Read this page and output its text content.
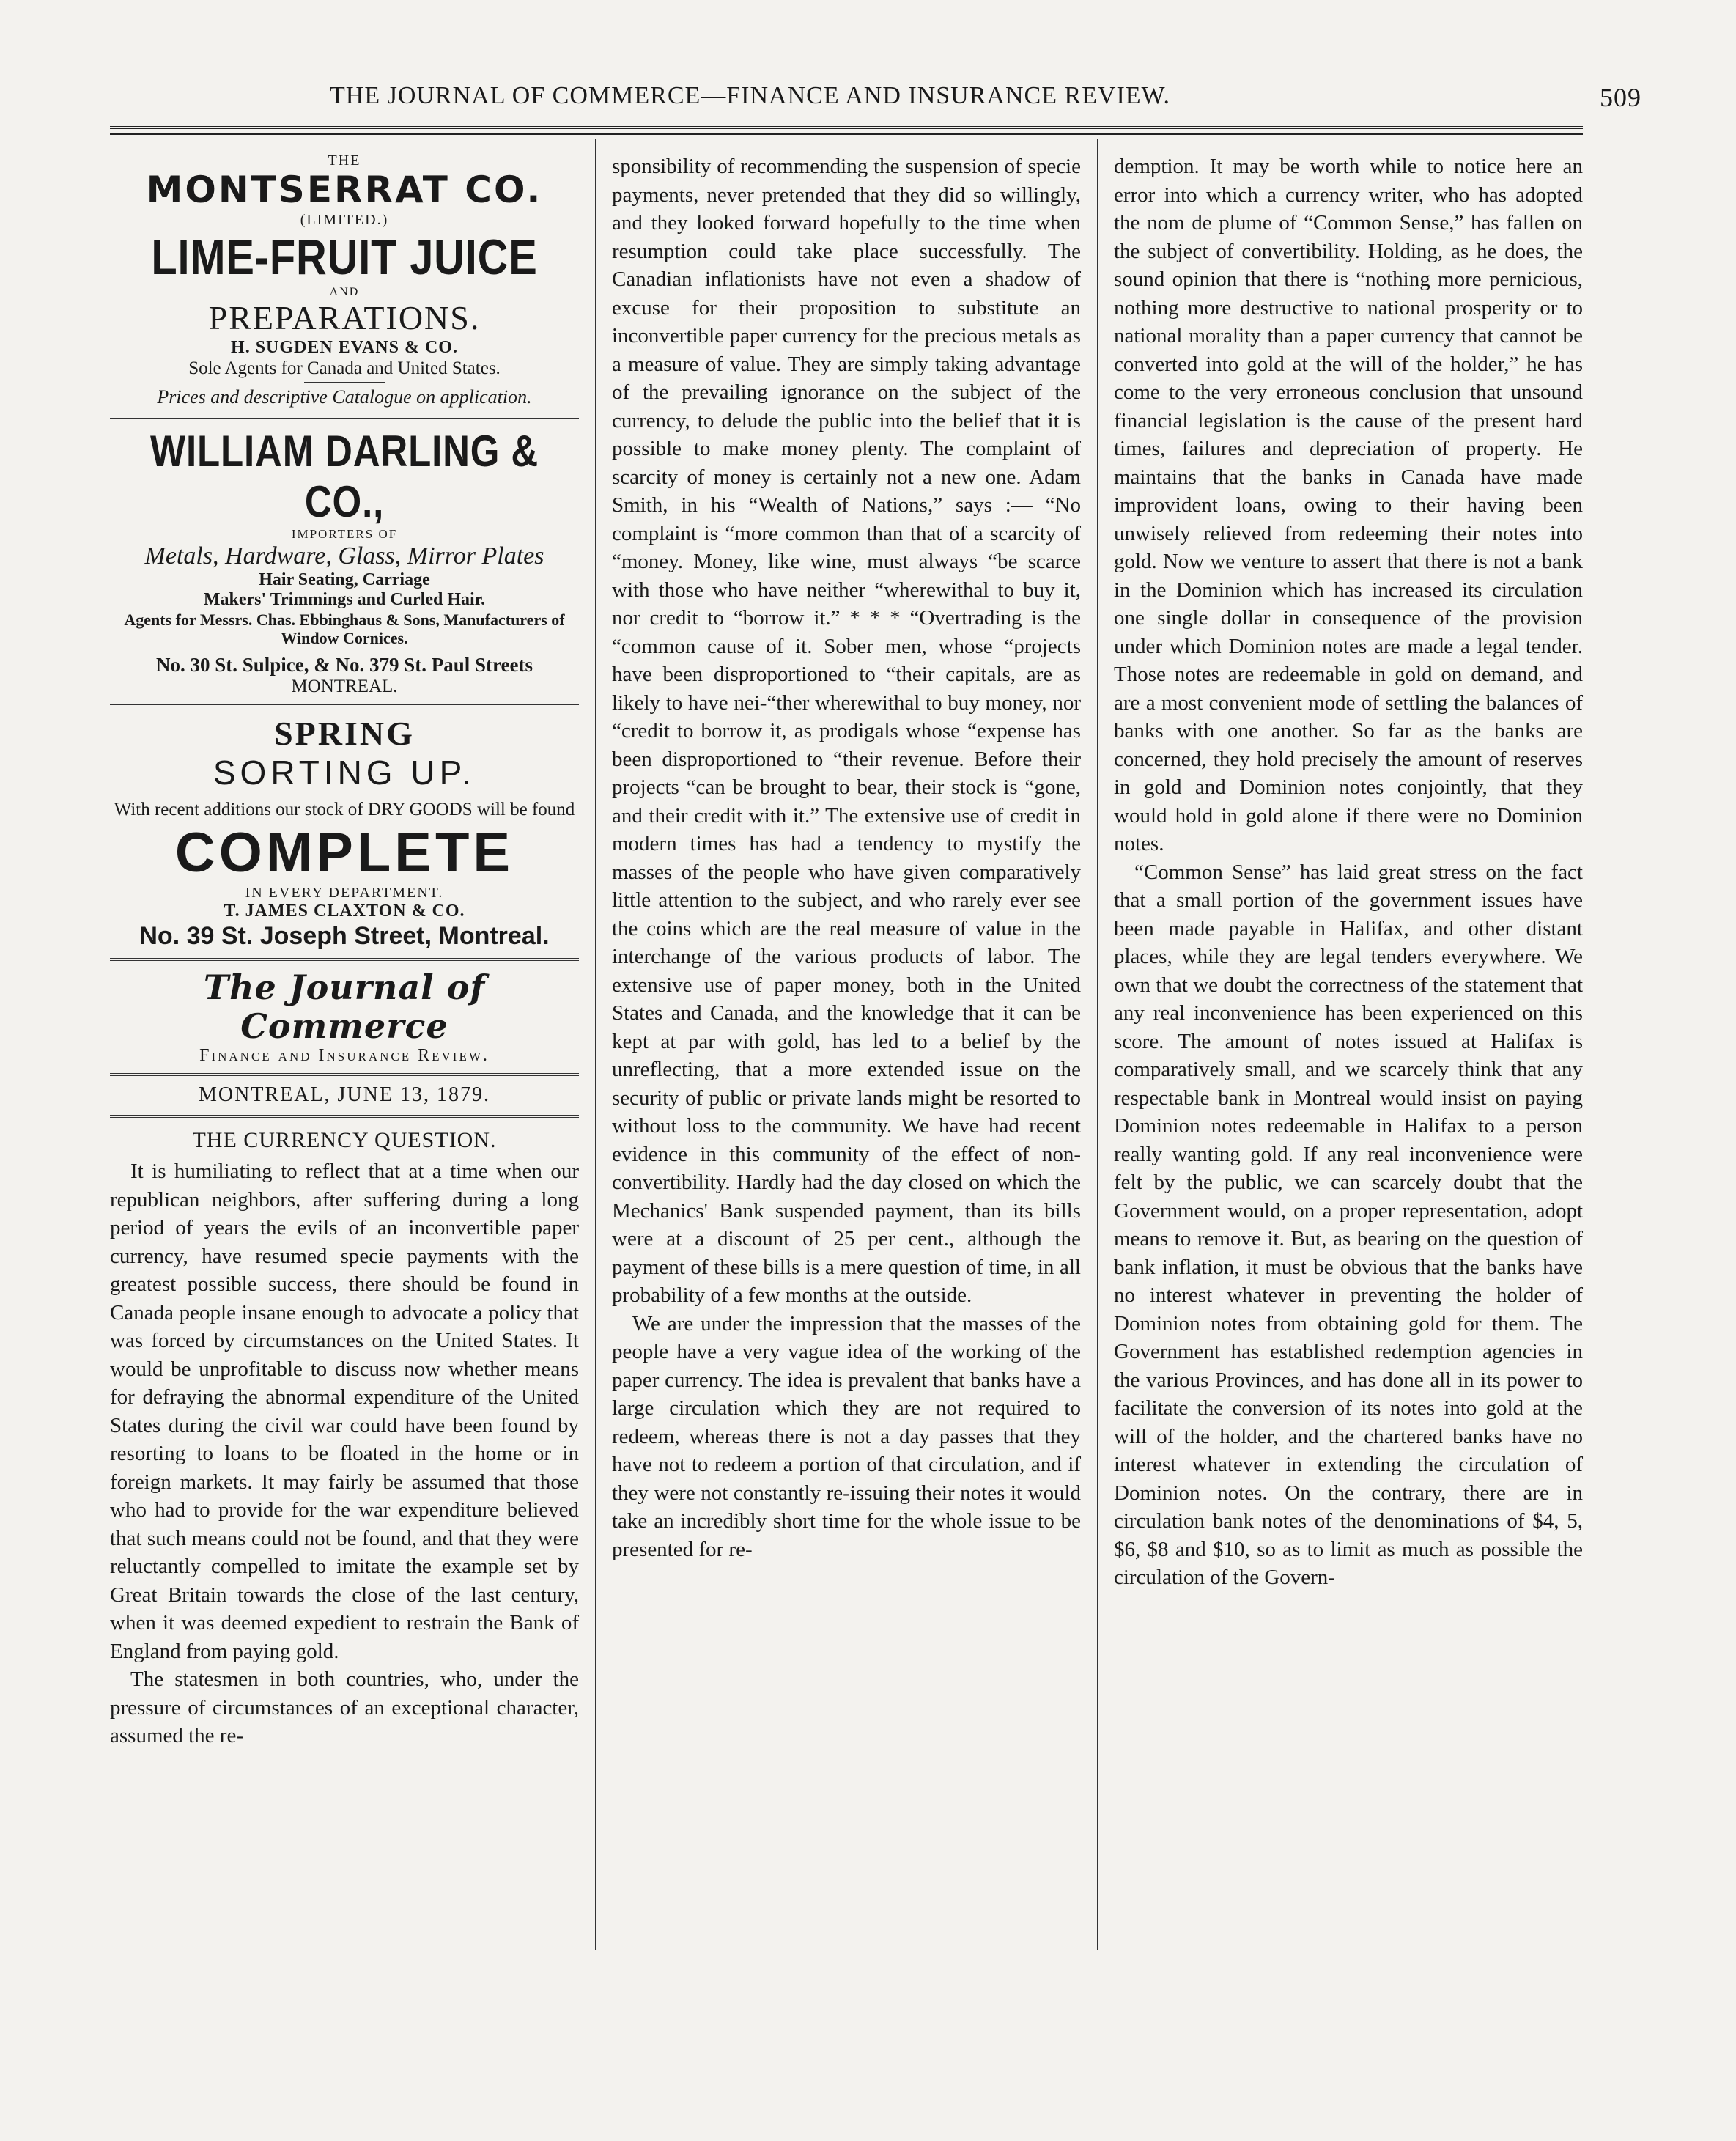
THE JOURNAL OF COMMERCE—FINANCE AND INSURANCE REVIEW.	509
THE
MONTSERRAT CO.
(LIMITED.)
LIME-FRUIT JUICE
AND
PREPARATIONS.
H. SUGDEN EVANS & CO.
Sole Agents for Canada and United States.
Prices and descriptive Catalogue on application.
WILLIAM DARLING & CO.,
IMPORTERS OF
Metals, Hardware, Glass, Mirror Plates
Hair Seating, Carriage
Makers' Trimmings and Curled Hair.
Agents for Messrs. Chas. Ebbinghaus & Sons, Manufacturers of Window Cornices.
No. 30 St. Sulpice, & No. 379 St. Paul Streets
MONTREAL.
SPRING
SORTING UP.
With recent additions our stock of DRY GOODS will be found
COMPLETE
IN EVERY DEPARTMENT.
T. JAMES CLAXTON & CO.
No. 39 St. Joseph Street, Montreal.
The Journal of Commerce
Finance and Insurance Review.
MONTREAL, JUNE 13, 1879.
THE CURRENCY QUESTION.

It is humiliating to reflect that at a time when our republican neighbors, after suffering during a long period of years the evils of an inconvertible paper currency, have resumed specie payments with the greatest possible success, there should be found in Canada people insane enough to advocate a policy that was forced by circumstances on the United States. It would be unprofitable to discuss now whether means for defraying the abnormal expenditure of the United States during the civil war could have been found by resorting to loans to be floated in the home or in foreign markets. It may fairly be assumed that those who had to provide for the war expenditure believed that such means could not be found, and that they were reluctantly compelled to imitate the example set by Great Britain towards the close of the last century, when it was deemed expedient to restrain the Bank of England from paying gold.

The statesmen in both countries, who, under the pressure of circumstances of an exceptional character, assumed the re-

sponsibility of recommending the suspension of specie payments, never pretended that they did so willingly, and they looked forward hopefully to the time when resumption could take place successfully. The Canadian inflationists have not even a shadow of excuse for their proposition to substitute an inconvertible paper currency for the precious metals as a measure of value. They are simply taking advantage of the prevailing ignorance on the subject of the currency, to delude the public into the belief that it is possible to make money plenty. The complaint of scarcity of money is certainly not a new one. Adam Smith, in his “Wealth of Nations,” says :— “No complaint is “more common than that of a scarcity of “money. Money, like wine, must always “be scarce with those who have neither “wherewithal to buy it, nor credit to “borrow it.” * * * “Overtrading is the “common cause of it. Sober men, whose “projects have been disproportioned to “their capitals, are as likely to have nei-“ther wherewithal to buy money, nor “credit to borrow it, as prodigals whose “expense has been disproportioned to “their revenue. Before their projects “can be brought to bear, their stock is “gone, and their credit with it.” The extensive use of credit in modern times has had a tendency to mystify the masses of the people who have given comparatively little attention to the subject, and who rarely ever see the coins which are the real measure of value in the interchange of the various products of labor. The extensive use of paper money, both in the United States and Canada, and the knowledge that it can be kept at par with gold, has led to a belief by the unreflecting, that a more extended issue on the security of public or private lands might be resorted to without loss to the community. We have had recent evidence in this community of the effect of non-convertibility. Hardly had the day closed on which the Mechanics' Bank suspended payment, than its bills were at a discount of 25 per cent., although the payment of these bills is a mere question of time, in all probability of a few months at the outside.

We are under the impression that the masses of the people have a very vague idea of the working of the paper currency. The idea is prevalent that banks have a large circulation which they are not required to redeem, whereas there is not a day passes that they have not to redeem a portion of that circulation, and if they were not constantly re-issuing their notes it would take an incredibly short time for the whole issue to be presented for re-

demption. It may be worth while to notice here an error into which a currency writer, who has adopted the nom de plume of “Common Sense,” has fallen on the subject of convertibility. Holding, as he does, the sound opinion that there is “nothing more pernicious, nothing more destructive to national prosperity or to national morality than a paper currency that cannot be converted into gold at the will of the holder,” he has come to the very erroneous conclusion that unsound financial legislation is the cause of the present hard times, failures and depreciation of property. He maintains that the banks in Canada have made improvident loans, owing to their having been unwisely relieved from redeeming their notes into gold. Now we venture to assert that there is not a bank in the Dominion which has increased its circulation one single dollar in consequence of the provision under which Dominion notes are made a legal tender. Those notes are redeemable in gold on demand, and are a most convenient mode of settling the balances of banks with one another. So far as the banks are concerned, they hold precisely the amount of reserves in gold and Dominion notes conjointly, that they would hold in gold alone if there were no Dominion notes.

“Common Sense” has laid great stress on the fact that a small portion of the government issues have been made payable in Halifax, and other distant places, while they are legal tenders everywhere. We own that we doubt the correctness of the statement that any real inconvenience has been experienced on this score. The amount of notes issued at Halifax is comparatively small, and we scarcely think that any respectable bank in Montreal would insist on paying Dominion notes redeemable in Halifax to a person really wanting gold. If any real inconvenience were felt by the public, we can scarcely doubt that the Government would, on a proper representation, adopt means to remove it. But, as bearing on the question of bank inflation, it must be obvious that the banks have no interest whatever in preventing the holder of Dominion notes from obtaining gold for them. The Government has established redemption agencies in the various Provinces, and has done all in its power to facilitate the conversion of its notes into gold at the will of the holder, and the chartered banks have no interest whatever in extending the circulation of Dominion notes. On the contrary, there are in circulation bank notes of the denominations of $4, 5, $6, $8 and $10, so as to limit as much as possible the circulation of the Govern-
